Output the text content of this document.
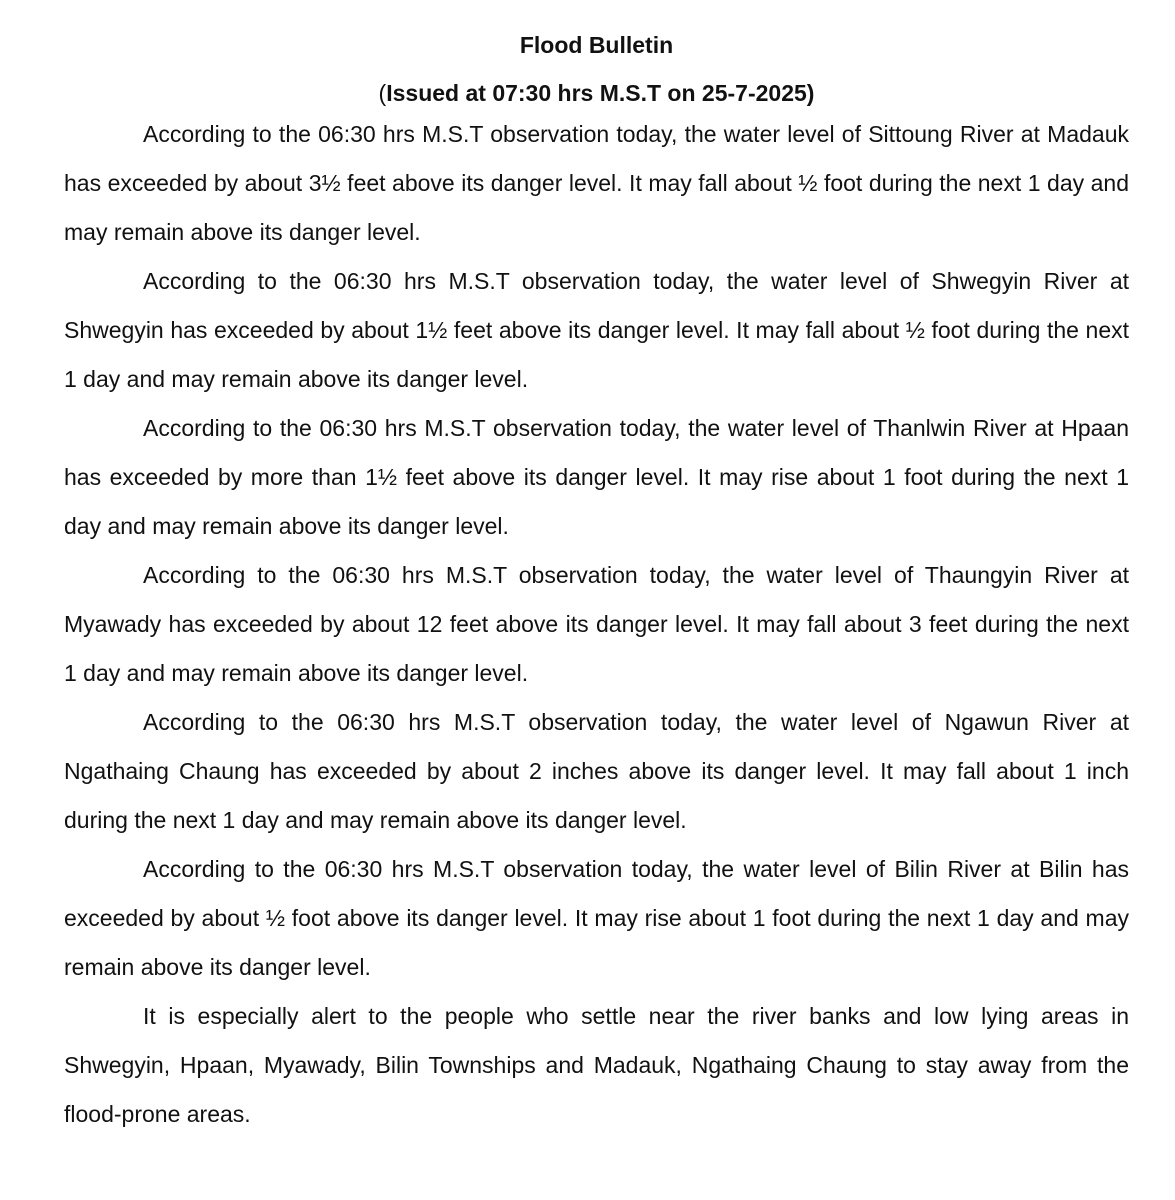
Flood Bulletin
(Issued at 07:30 hrs M.S.T on 25-7-2025)

According to the 06:30 hrs M.S.T observation today, the water level of Sittoung River at Madauk has exceeded by about 3½ feet above its danger level. It may fall about ½ foot during the next 1 day and may remain above its danger level.

According to the 06:30 hrs M.S.T observation today, the water level of Shwegyin River at Shwegyin has exceeded by about 1½ feet above its danger level. It may fall about ½ foot during the next 1 day and may remain above its danger level.

According to the 06:30 hrs M.S.T observation today, the water level of Thanlwin River at Hpaan has exceeded by more than 1½ feet above its danger level. It may rise about 1 foot during the next 1 day and may remain above its danger level.

According to the 06:30 hrs M.S.T observation today, the water level of Thaungyin River at Myawady has exceeded by about 12 feet above its danger level. It may fall about 3 feet during the next 1 day and may remain above its danger level.

According to the 06:30 hrs M.S.T observation today, the water level of Ngawun River at Ngathaing Chaung has exceeded by about 2 inches above its danger level. It may fall about 1 inch during the next 1 day and may remain above its danger level.

According to the 06:30 hrs M.S.T observation today, the water level of Bilin River at Bilin has exceeded by about ½ foot above its danger level. It may rise about 1 foot during the next 1 day and may remain above its danger level.

It is especially alert to the people who settle near the river banks and low lying areas in Shwegyin, Hpaan, Myawady, Bilin Townships and Madauk, Ngathaing Chaung to stay away from the flood-prone areas.
